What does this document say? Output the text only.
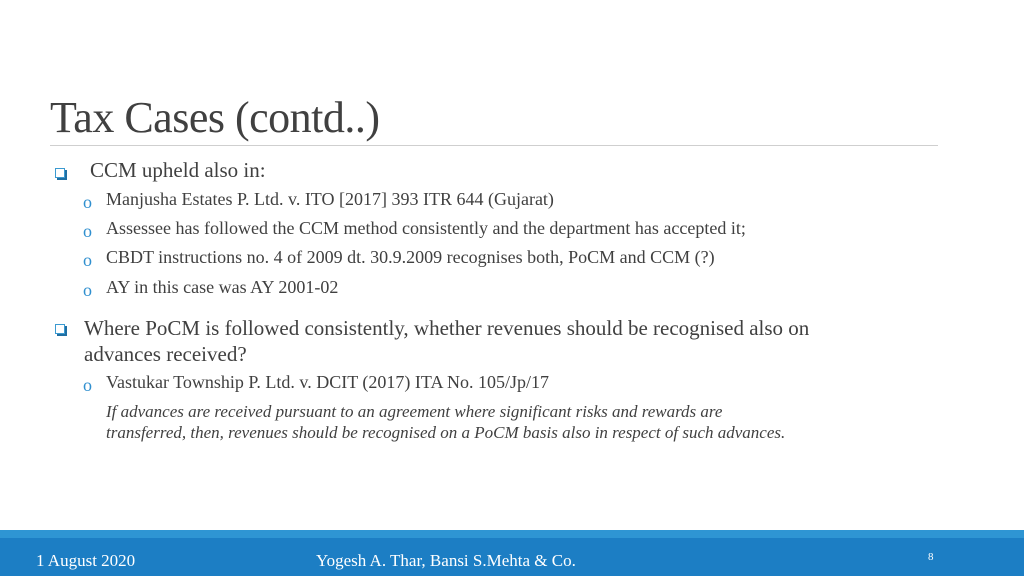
Tax Cases (contd..)
CCM upheld also in:
o Manjusha Estates P. Ltd. v. ITO [2017] 393 ITR 644 (Gujarat)
o Assessee has followed the CCM method consistently and the department has accepted it;
o CBDT instructions no. 4 of 2009 dt. 30.9.2009 recognises both, PoCM and CCM (?)
o AY in this case was AY 2001-02
Where PoCM is followed consistently, whether revenues should be recognised also on
advances received?
o Vastukar Township P. Ltd. v. DCIT (2017) ITA No. 105/Jp/17
If advances are received pursuant to an agreement where significant risks and rewards are
transferred, then, revenues should be recognised on a PoCM basis also in respect of such advances.
1 August 2020	Yogesh A. Thar, Bansi S.Mehta & Co.	8
